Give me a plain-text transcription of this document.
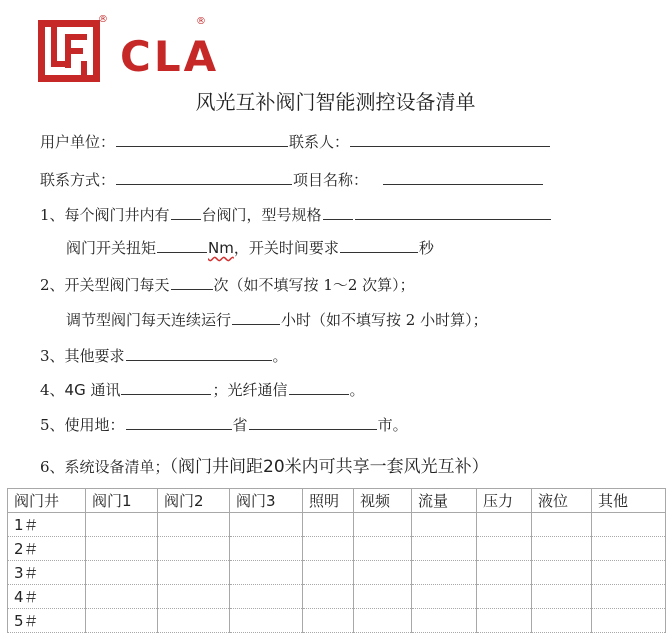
®
CLA
®
风光互补阀门智能测控设备清单
用户单位：	联系人：
联系方式：	项目名称：
1、每个阀门井内有 台阀门，型号规格
阀门开关扭矩	Nm，开关时间要求	秒
2、开关型阀门每天	次（如不填写按 1～2 次算）；
调节型阀门每天连续运行	小时（如不填写按 2 小时算）；
3、其他要求	。
4、4G 通讯	；光纤通信	。
5、使用地：	省	市。
6、系统设备清单；（阀门井间距20米内可共享一套风光互补）
阀门井	阀门1	阀门2	阀门3	照明	视频	流量	压力	液位	其他
1＃									
2＃									
3＃									
4＃									
5＃									
